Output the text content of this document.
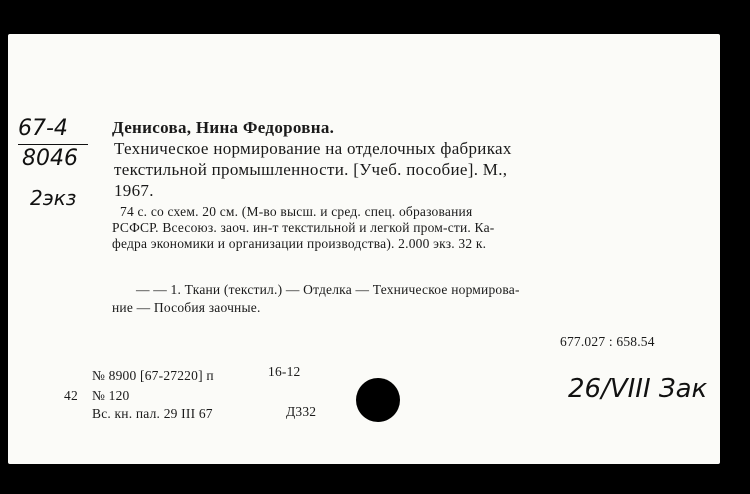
67-4
8046
2экз
Денисова, Нина Федоровна.
Техническое нормирование на отделочных фабриках
текстильной промышленности. [Учеб. пособие]. М.,
1967.
74 с. со схем. 20 см. (М-во высш. и сред. спец. образования
РСФСР. Всесоюз. заоч. ин-т текстильной и легкой пром-сти. Ка-
федра экономики и организации производства). 2.000 экз. 32 к.
— — 1. Ткани (текстил.) — Отделка — Техническое нормирова-
ние — Пособия заочные.
677.027 : 658.54
№ 8900 [67-27220] п	16-12
42 № 120
Вс. кн. пал. 29 III 67	Д332
26/VIII Зак
